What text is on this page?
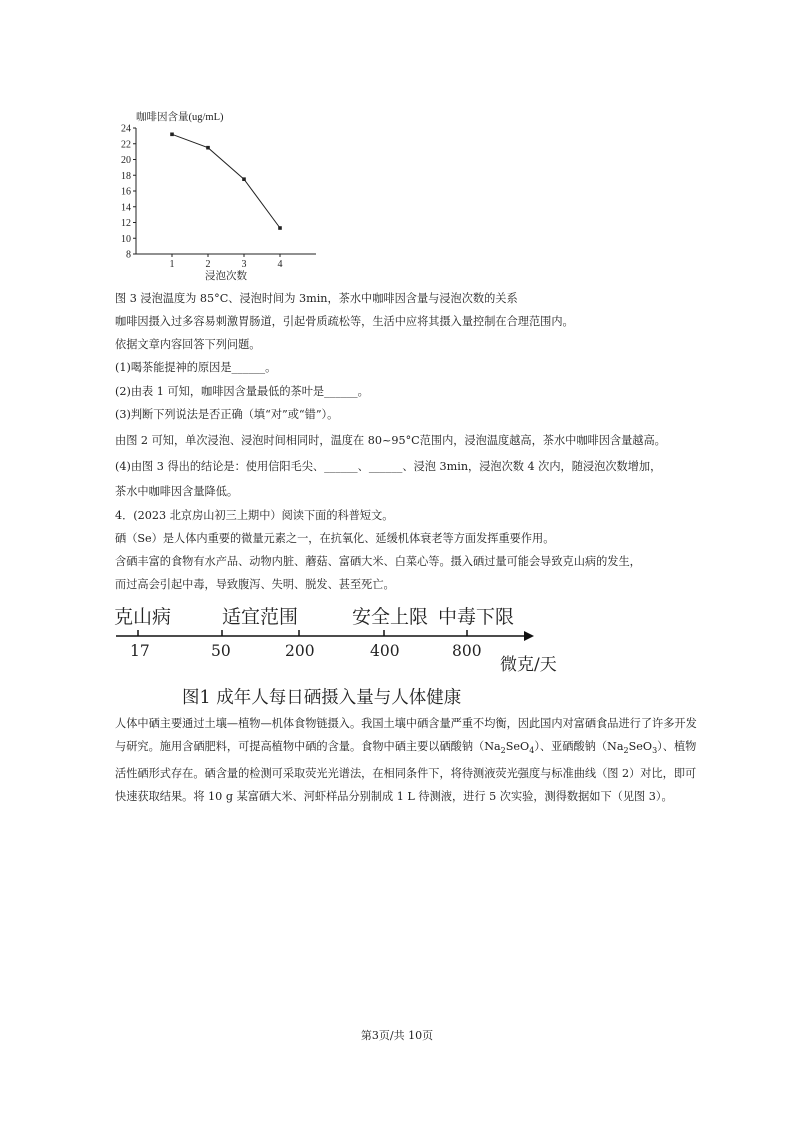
8
10
12
14
16
18
20
22
24
1	2	3	4
咖啡因含量(ug/mL)
浸泡次数
图 3 浸泡温度为 85°C、浸泡时间为 3min，茶水中咖啡因含量与浸泡次数的关系
咖啡因摄入过多容易刺激胃肠道，引起骨质疏松等，生活中应将其摄入量控制在合理范围内。
依据文章内容回答下列问题。
(1)喝茶能提神的原因是______。
(2)由表 1 可知，咖啡因含量最低的茶叶是______。
(3)判断下列说法是否正确（填“对”或“错”）。
由图 2 可知，单次浸泡、浸泡时间相同时，温度在 80~95°C范围内，浸泡温度越高，茶水中咖啡因含量越高。
(4)由图 3 得出的结论是：使用信阳毛尖、______、______、浸泡 3min，浸泡次数 4 次内，随浸泡次数增加，
茶水中咖啡因含量降低。
4．(2023 北京房山初三上期中）阅读下面的科普短文。
硒（Se）是人体内重要的微量元素之一，在抗氧化、延缓机体衰老等方面发挥重要作用。
含硒丰富的食物有水产品、动物内脏、蘑菇、富硒大米、白菜心等。摄入硒过量可能会导致克山病的发生，
而过高会引起中毒，导致腹泻、失明、脱发、甚至死亡。
克山病	适宜范围	安全上限 中毒下限
17	50	200	400	800
微克/天
图1 成年人每日硒摄入量与人体健康
人体中硒主要通过土壤—植物—机体食物链摄入。我国土壤中硒含量严重不均衡，因此国内对富硒食品进行了许多开发与研究。施用含硒肥料，可提高植物中硒的含量。食物中硒主要以硒酸钠$(Na_2SeO_4)$、亚硒酸钠$(Na_2SeO_3)$、植物活性硒形式存在。硒含量的检测可采取荧光光谱法，在相同条件下，将待测液荧光强度与标准曲线（图 2）对比，即可快速获取结果。将 10 g 某富硒大米、河虾样品分别制成 1 L 待测液，进行 5 次实验，测得数据如下（见图 3）。
第3页/共 10页
